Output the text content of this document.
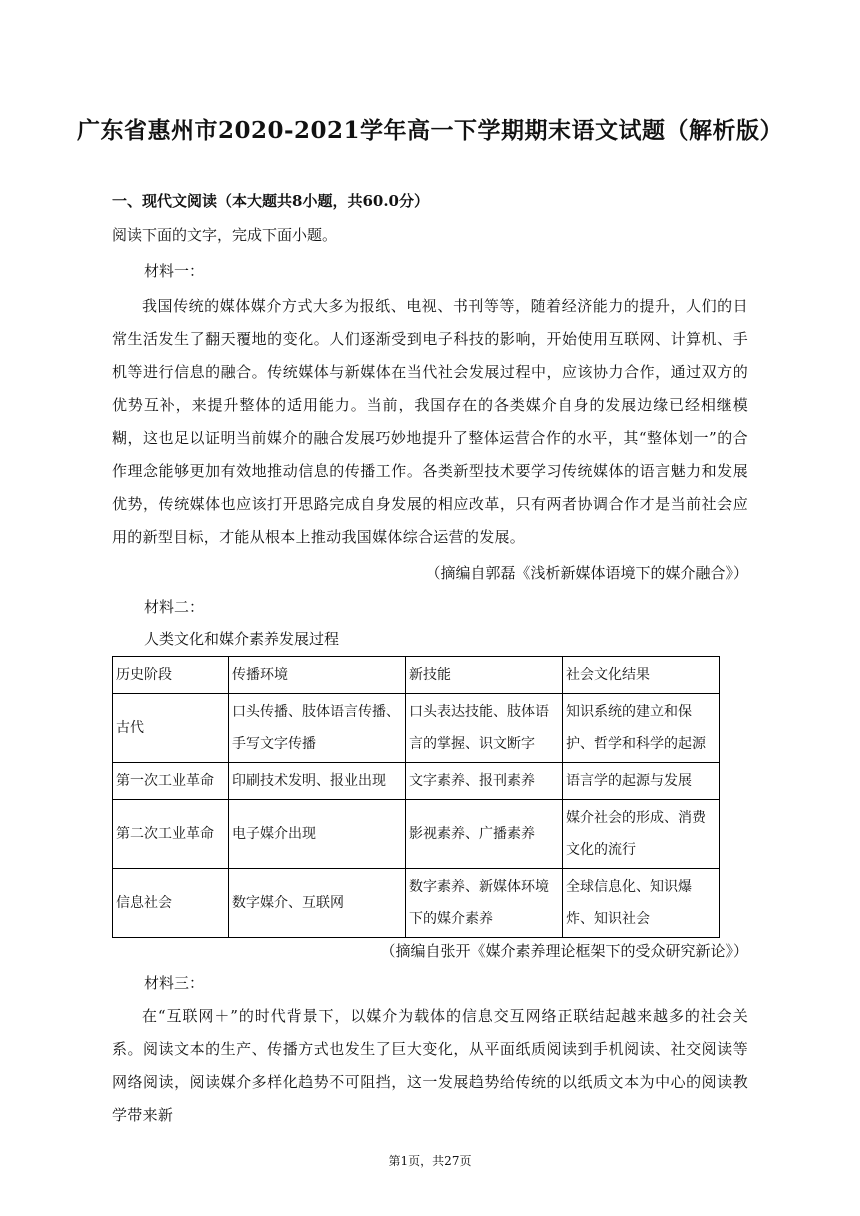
广东省惠州市2020-2021学年高一下学期期末语文试题（解析版）

一、现代文阅读（本大题共8小题，共60.0分）

阅读下面的文字，完成下面小题。

材料一：

我国传统的媒体媒介方式大多为报纸、电视、书刊等等，随着经济能力的提升，人们的日常生活发生了翻天覆地的变化。人们逐渐受到电子科技的影响，开始使用互联网、计算机、手机等进行信息的融合。传统媒体与新媒体在当代社会发展过程中，应该协力合作，通过双方的优势互补，来提升整体的适用能力。当前，我国存在的各类媒介自身的发展边缘已经相继模糊，这也足以证明当前媒介的融合发展巧妙地提升了整体运营合作的水平，其“整体划一”的合作理念能够更加有效地推动信息的传播工作。各类新型技术要学习传统媒体的语言魅力和发展优势，传统媒体也应该打开思路完成自身发展的相应改革，只有两者协调合作才是当前社会应用的新型目标，才能从根本上推动我国媒体综合运营的发展。

（摘编自郭磊《浅析新媒体语境下的媒介融合》）

材料二：

人类文化和媒介素养发展过程

历史阶段	传播环境	新技能	社会文化结果
古代	口头传播、肢体语言传播、手写文字传播	口头表达技能、肢体语言的掌握、识文断字	知识系统的建立和保护、哲学和科学的起源
第一次工业革命	印刷技术发明、报业出现	文字素养、报刊素养	语言学的起源与发展
第二次工业革命	电子媒介出现	影视素养、广播素养	媒介社会的形成、消费文化的流行
信息社会	数字媒介、互联网	数字素养、新媒体环境下的媒介素养	全球信息化、知识爆炸、知识社会

（摘编自张开《媒介素养理论框架下的受众研究新论》）

材料三：

在“互联网＋”的时代背景下，以媒介为载体的信息交互网络正联结起越来越多的社会关系。阅读文本的生产、传播方式也发生了巨大变化，从平面纸质阅读到手机阅读、社交阅读等网络阅读，阅读媒介多样化趋势不可阻挡，这一发展趋势给传统的以纸质文本为中心的阅读教学带来新

第1页，共27页
